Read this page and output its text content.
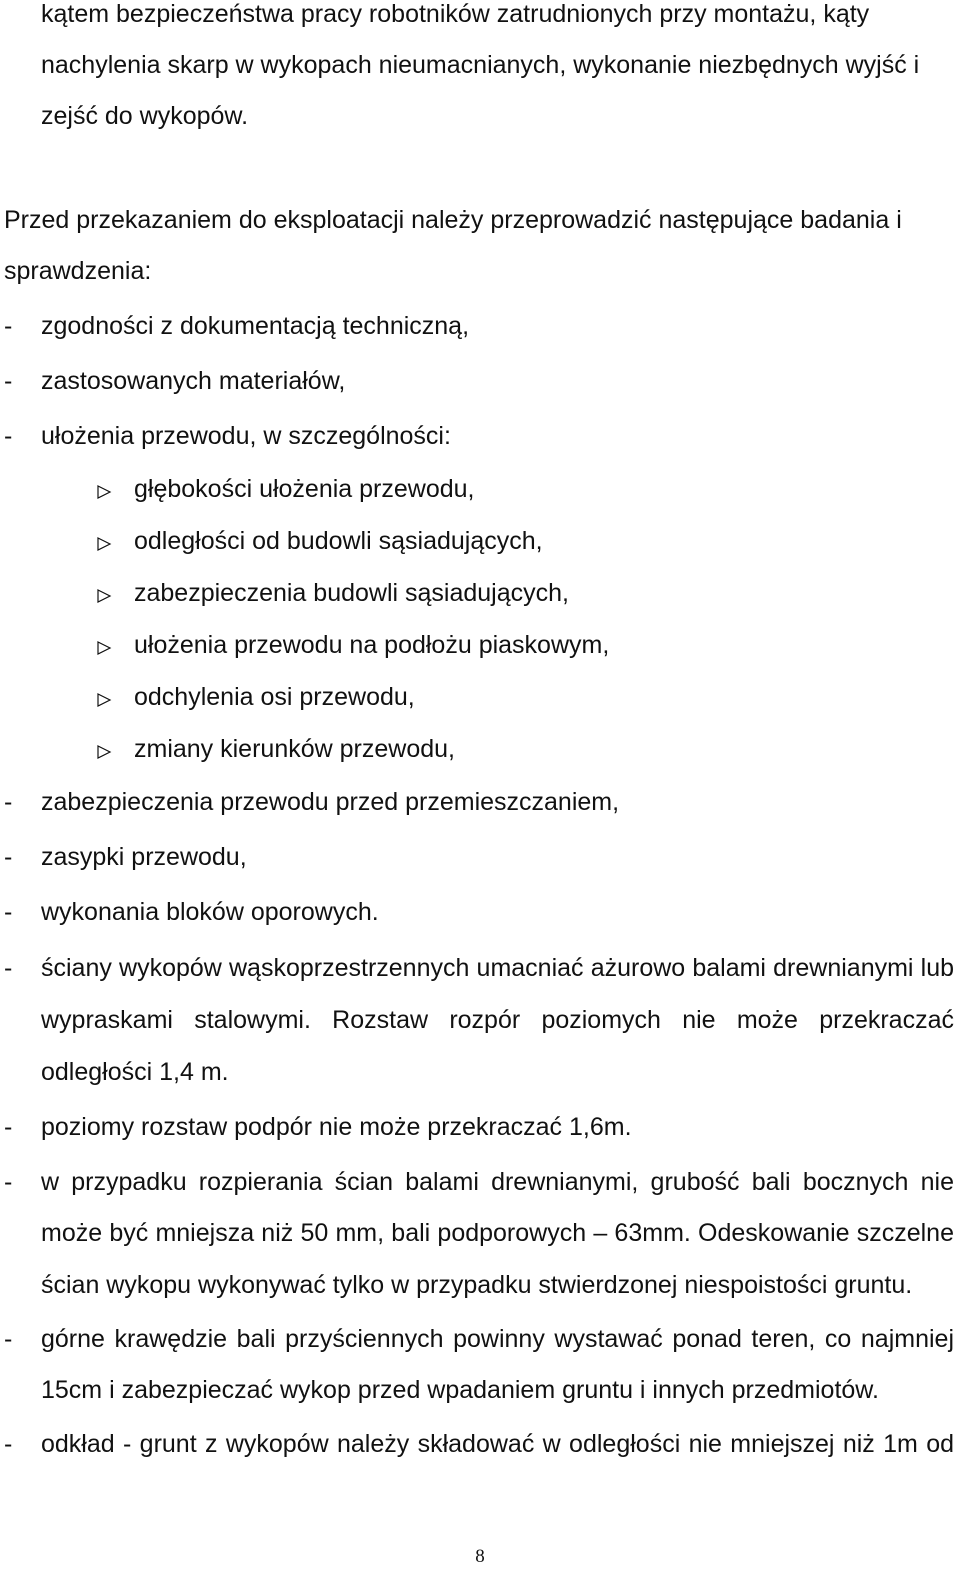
kątem bezpieczeństwa pracy robotników zatrudnionych przy montażu, kąty
nachylenia skarp w wykopach nieumacnianych, wykonanie niezbędnych wyjść i
zejść do wykopów.
Przed przekazaniem do eksploatacji należy przeprowadzić następujące badania i
sprawdzenia:
- zgodności z dokumentacją techniczną,
- zastosowanych materiałów,
- ułożenia przewodu, w szczególności:
głębokości ułożenia przewodu,
odległości od budowli sąsiadujących,
zabezpieczenia budowli sąsiadujących,
ułożenia przewodu na podłożu piaskowym,
odchylenia osi przewodu,
zmiany kierunków przewodu,
- zabezpieczenia przewodu przed przemieszczaniem,
- zasypki przewodu,
- wykonania bloków oporowych.
- ściany wykopów wąskoprzestrzennych umacniać ażurowo balami drewnianymi lub
wypraskami stalowymi. Rozstaw rozpór poziomych nie może przekraczać
odległości 1,4 m.
- poziomy rozstaw podpór nie może przekraczać 1,6m.
- w przypadku rozpierania ścian balami drewnianymi, grubość bali bocznych nie
może być mniejsza niż 50 mm, bali podporowych – 63mm. Odeskowanie szczelne
ścian wykopu wykonywać tylko w przypadku stwierdzonej niespoistości gruntu.
- górne krawędzie bali przyściennych powinny wystawać ponad teren, co najmniej
15cm i zabezpieczać wykop przed wpadaniem gruntu i innych przedmiotów.
- odkład - grunt z wykopów należy składować w odległości nie mniejszej niż 1m od
8
